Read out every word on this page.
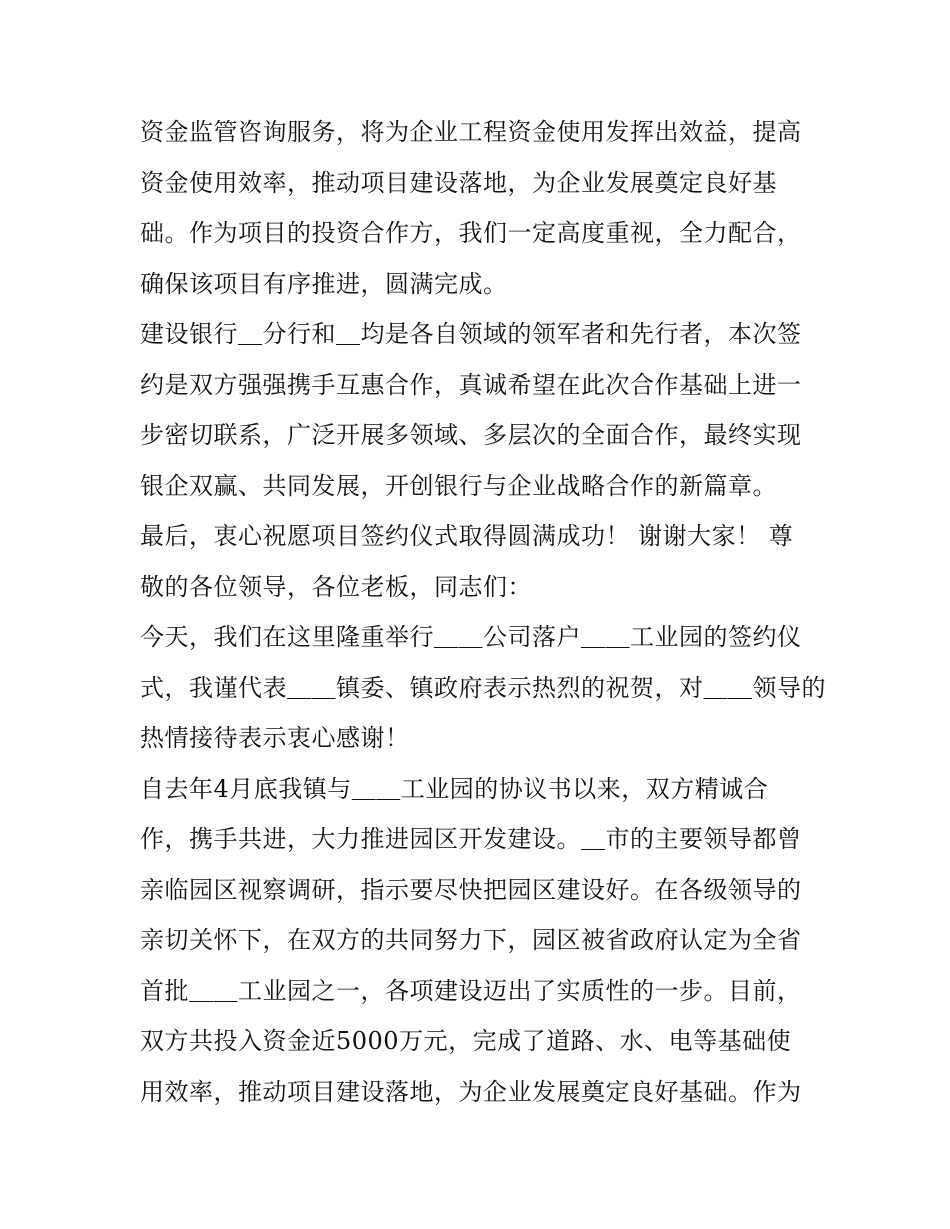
资金监管咨询服务，将为企业工程资金使用发挥出效益，提高
资金使用效率，推动项目建设落地，为企业发展奠定良好基
础。作为项目的投资合作方，我们一定高度重视，全力配合，
确保该项目有序推进，圆满完成。
建设银行＿分行和＿均是各自领域的领军者和先行者，本次签
约是双方强强携手互惠合作，真诚希望在此次合作基础上进一
步密切联系，广泛开展多领域、多层次的全面合作，最终实现
银企双赢、共同发展，开创银行与企业战略合作的新篇章。
最后，衷心祝愿项目签约仪式取得圆满成功！ 谢谢大家！ 尊
敬的各位领导，各位老板，同志们：
今天，我们在这里隆重举行＿＿公司落户＿＿工业园的签约仪
式，我谨代表＿＿镇委、镇政府表示热烈的祝贺，对＿＿领导的
热情接待表示衷心感谢！
自去年4月底我镇与＿＿工业园的协议书以来，双方精诚合
作，携手共进，大力推进园区开发建设。＿市的主要领导都曾
亲临园区视察调研，指示要尽快把园区建设好。在各级领导的
亲切关怀下，在双方的共同努力下，园区被省政府认定为全省
首批＿＿工业园之一，各项建设迈出了实质性的一步。目前，
双方共投入资金近5000万元，完成了道路、水、电等基础使
用效率，推动项目建设落地，为企业发展奠定良好基础。作为
